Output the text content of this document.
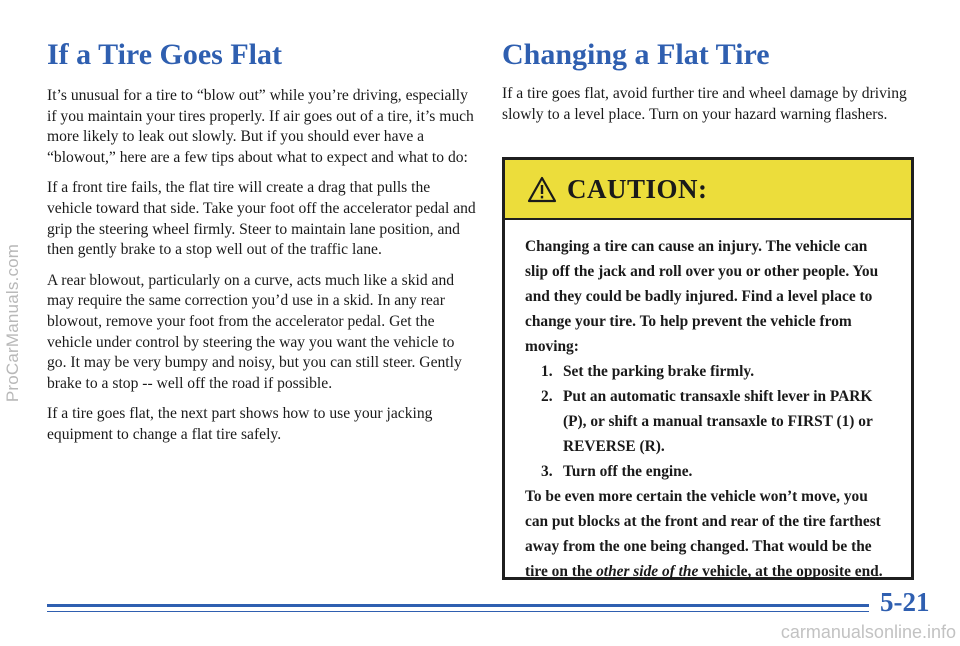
ProCarManuals.com
If a Tire Goes Flat

It’s unusual for a tire to “blow out” while you’re driving, especially if you maintain your tires properly. If air goes out of a tire, it’s much more likely to leak out slowly. But if you should ever have a “blowout,” here are a few tips about what to expect and what to do:

If a front tire fails, the flat tire will create a drag that pulls the vehicle toward that side. Take your foot off the accelerator pedal and grip the steering wheel firmly. Steer to maintain lane position, and then gently brake to a stop well out of the traffic lane.

A rear blowout, particularly on a curve, acts much like a skid and may require the same correction you’d use in a skid. In any rear blowout, remove your foot from the accelerator pedal. Get the vehicle under control by steering the way you want the vehicle to go. It may be very bumpy and noisy, but you can still steer. Gently brake to a stop -- well off the road if possible.

If a tire goes flat, the next part shows how to use your jacking equipment to change a flat tire safely.

Changing a Flat Tire

If a tire goes flat, avoid further tire and wheel damage by driving slowly to a level place. Turn on your hazard warning flashers.

CAUTION:

Changing a tire can cause an injury. The vehicle can slip off the jack and roll over you or other people. You and they could be badly injured. Find a level place to change your tire. To help prevent the vehicle from moving:

1. Set the parking brake firmly.
2. Put an automatic transaxle shift lever in PARK (P), or shift a manual transaxle to FIRST (1) or REVERSE (R).
3. Turn off the engine.

To be even more certain the vehicle won’t move, you can put blocks at the front and rear of the tire farthest away from the one being changed. That would be the tire on the other side of the vehicle, at the opposite end.

5-21
carmanualsonline.info
